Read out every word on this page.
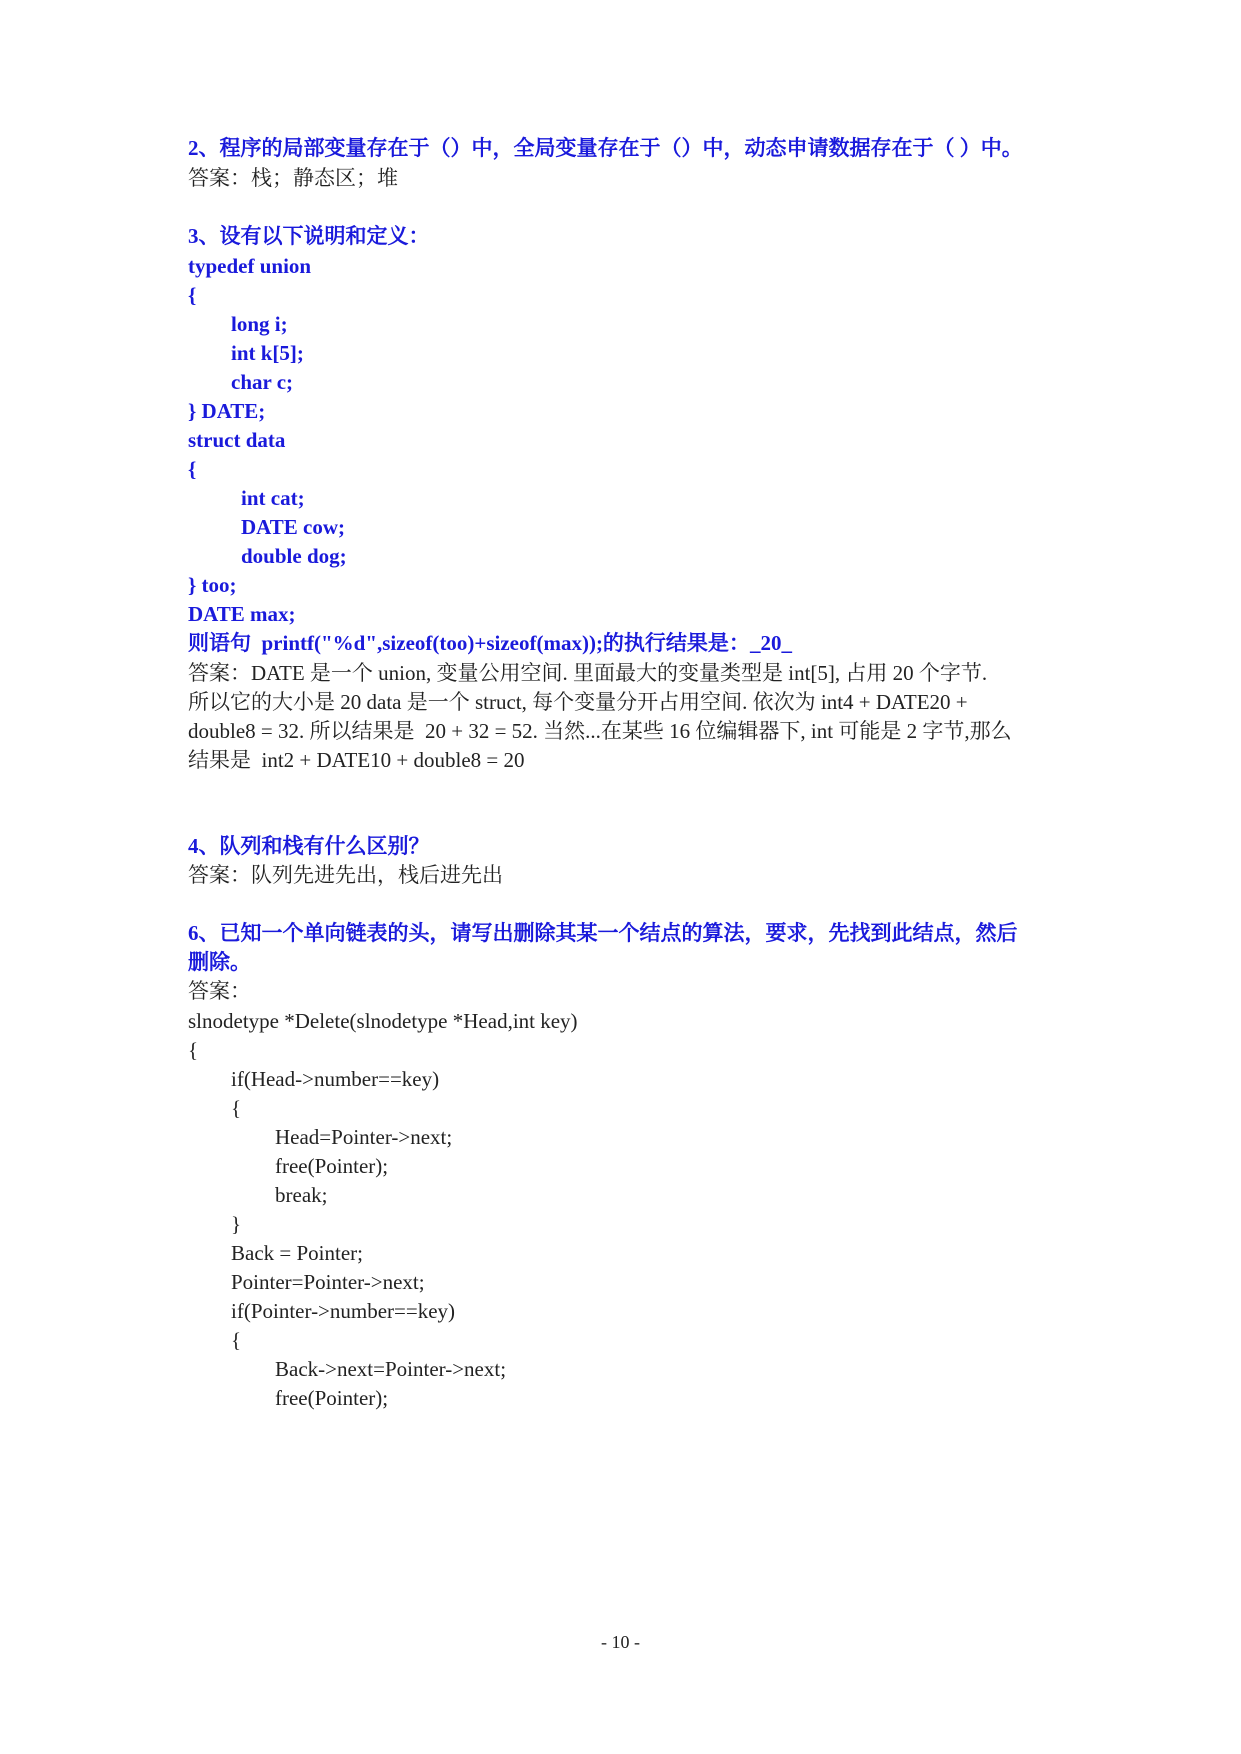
2、程序的局部变量存在于（）中，全局变量存在于（）中，动态申请数据存在于（ ）中。
答案：栈；静态区；堆
3、设有以下说明和定义：
typedef union
{
long i;
int k[5];
char c;
} DATE;
struct data
{
int cat;
DATE cow;
double dog;
} too;
DATE max;
则语句  printf("%d",sizeof(too)+sizeof(max));的执行结果是：_20_
答案：DATE 是一个 union, 变量公用空间. 里面最大的变量类型是 int[5], 占用 20 个字节.
所以它的大小是 20 data 是一个 struct, 每个变量分开占用空间. 依次为 int4 + DATE20 +
double8 = 32. 所以结果是  20 + 32 = 52. 当然...在某些 16 位编辑器下, int 可能是 2 字节,那么
结果是  int2 + DATE10 + double8 = 20
4、队列和栈有什么区别？
答案：队列先进先出，栈后进先出
6、已知一个单向链表的头，请写出删除其某一个结点的算法，要求，先找到此结点，然后
删除。
答案：
slnodetype *Delete(slnodetype *Head,int key)
{
if(Head->number==key)
{
Head=Pointer->next;
free(Pointer);
break;
}
Back = Pointer;
Pointer=Pointer->next;
if(Pointer->number==key)
{
Back->next=Pointer->next;
free(Pointer);
- 10 -
